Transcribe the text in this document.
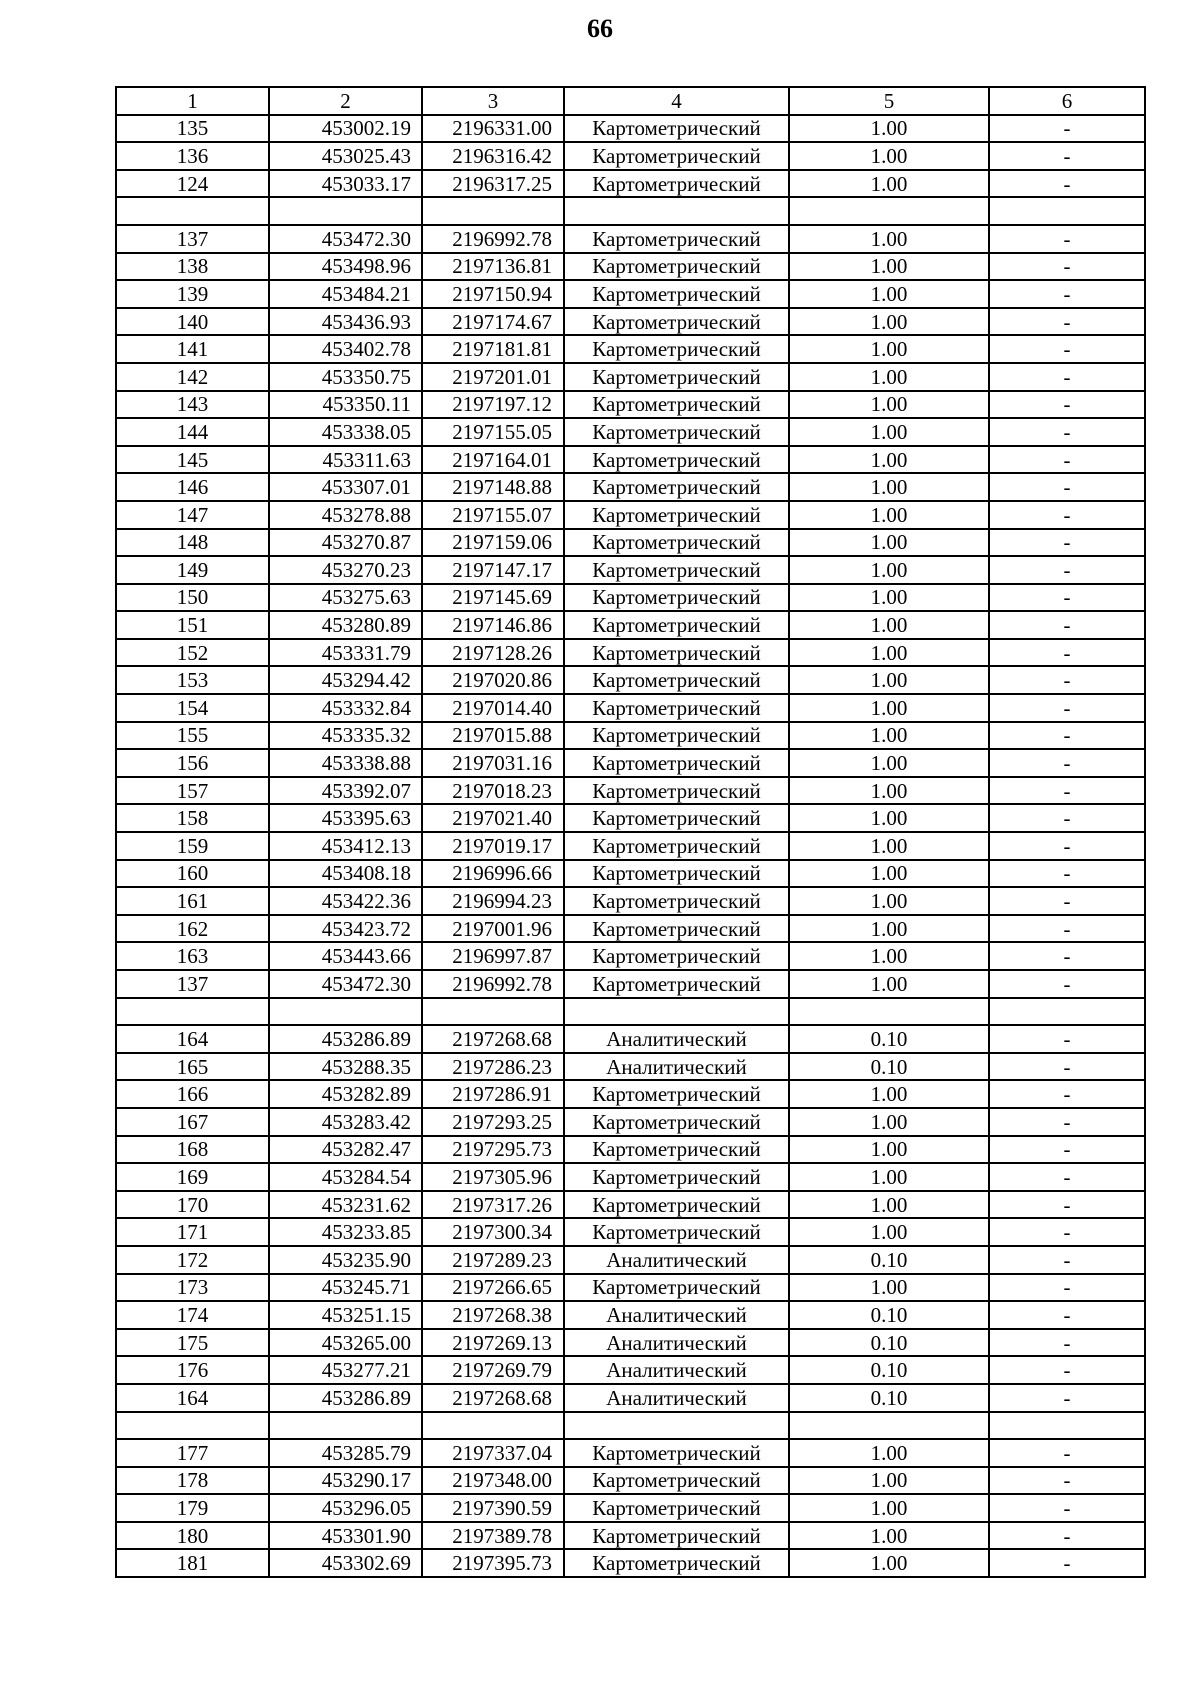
66
1	2	3	4	5	6
135	453002.19	2196331.00	Картометрический	1.00	-
136	453025.43	2196316.42	Картометрический	1.00	-
124	453033.17	2196317.25	Картометрический	1.00	-

137	453472.30	2196992.78	Картометрический	1.00	-
138	453498.96	2197136.81	Картометрический	1.00	-
139	453484.21	2197150.94	Картометрический	1.00	-
140	453436.93	2197174.67	Картометрический	1.00	-
141	453402.78	2197181.81	Картометрический	1.00	-
142	453350.75	2197201.01	Картометрический	1.00	-
143	453350.11	2197197.12	Картометрический	1.00	-
144	453338.05	2197155.05	Картометрический	1.00	-
145	453311.63	2197164.01	Картометрический	1.00	-
146	453307.01	2197148.88	Картометрический	1.00	-
147	453278.88	2197155.07	Картометрический	1.00	-
148	453270.87	2197159.06	Картометрический	1.00	-
149	453270.23	2197147.17	Картометрический	1.00	-
150	453275.63	2197145.69	Картометрический	1.00	-
151	453280.89	2197146.86	Картометрический	1.00	-
152	453331.79	2197128.26	Картометрический	1.00	-
153	453294.42	2197020.86	Картометрический	1.00	-
154	453332.84	2197014.40	Картометрический	1.00	-
155	453335.32	2197015.88	Картометрический	1.00	-
156	453338.88	2197031.16	Картометрический	1.00	-
157	453392.07	2197018.23	Картометрический	1.00	-
158	453395.63	2197021.40	Картометрический	1.00	-
159	453412.13	2197019.17	Картометрический	1.00	-
160	453408.18	2196996.66	Картометрический	1.00	-
161	453422.36	2196994.23	Картометрический	1.00	-
162	453423.72	2197001.96	Картометрический	1.00	-
163	453443.66	2196997.87	Картометрический	1.00	-
137	453472.30	2196992.78	Картометрический	1.00	-

164	453286.89	2197268.68	Аналитический	0.10	-
165	453288.35	2197286.23	Аналитический	0.10	-
166	453282.89	2197286.91	Картометрический	1.00	-
167	453283.42	2197293.25	Картометрический	1.00	-
168	453282.47	2197295.73	Картометрический	1.00	-
169	453284.54	2197305.96	Картометрический	1.00	-
170	453231.62	2197317.26	Картометрический	1.00	-
171	453233.85	2197300.34	Картометрический	1.00	-
172	453235.90	2197289.23	Аналитический	0.10	-
173	453245.71	2197266.65	Картометрический	1.00	-
174	453251.15	2197268.38	Аналитический	0.10	-
175	453265.00	2197269.13	Аналитический	0.10	-
176	453277.21	2197269.79	Аналитический	0.10	-
164	453286.89	2197268.68	Аналитический	0.10	-

177	453285.79	2197337.04	Картометрический	1.00	-
178	453290.17	2197348.00	Картометрический	1.00	-
179	453296.05	2197390.59	Картометрический	1.00	-
180	453301.90	2197389.78	Картометрический	1.00	-
181	453302.69	2197395.73	Картометрический	1.00	-
